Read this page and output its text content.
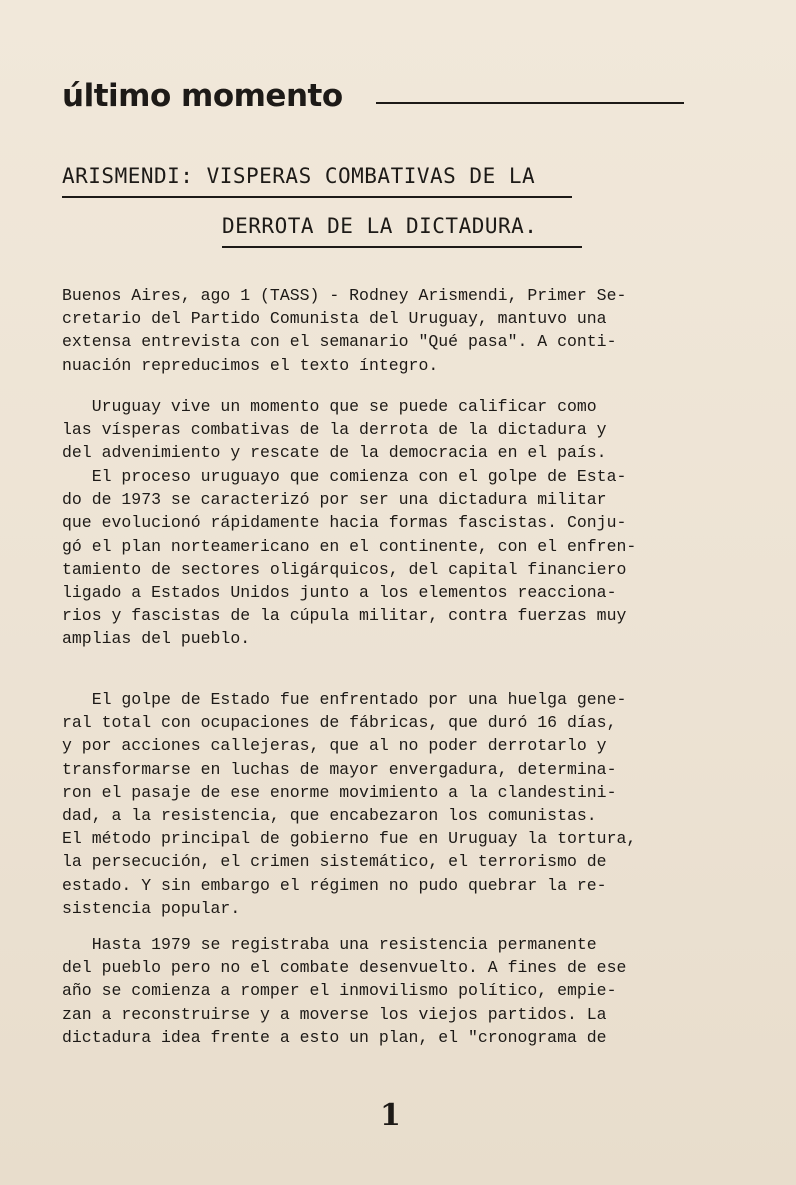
último momento
ARISMENDI: VISPERAS COMBATIVAS DE LA
DERROTA DE LA DICTADURA.

Buenos Aires, ago 1 (TASS) - Rodney Arismendi, Primer Se-
cretario del Partido Comunista del Uruguay, mantuvo una
extensa entrevista con el semanario "Qué pasa". A conti-
nuación repreducimos el texto íntegro.

Uruguay vive un momento que se puede calificar como
las vísperas combativas de la derrota de la dictadura y
del advenimiento y rescate de la democracia en el país.

El proceso uruguayo que comienza con el golpe de Esta-
do de 1973 se caracterizó por ser una dictadura militar
que evolucionó rápidamente hacia formas fascistas. Conju-
gó el plan norteamericano en el continente, con el enfren-
tamiento de sectores oligárquicos, del capital financiero
ligado a Estados Unidos junto a los elementos reacciona-
rios y fascistas de la cúpula militar, contra fuerzas muy
amplias del pueblo.

El golpe de Estado fue enfrentado por una huelga gene-
ral total con ocupaciones de fábricas, que duró 16 días,
y por acciones callejeras, que al no poder derrotarlo y
transformarse en luchas de mayor envergadura, determina-
ron el pasaje de ese enorme movimiento a la clandestini-
dad, a la resistencia, que encabezaron los comunistas.
El método principal de gobierno fue en Uruguay la tortura,
la persecución, el crimen sistemático, el terrorismo de
estado. Y sin embargo el régimen no pudo quebrar la re-
sistencia popular.

Hasta 1979 se registraba una resistencia permanente
del pueblo pero no el combate desenvuelto. A fines de ese
año se comienza a romper el inmovilismo político, empie-
zan a reconstruirse y a moverse los viejos partidos. La
dictadura idea frente a esto un plan, el "cronograma de

1
